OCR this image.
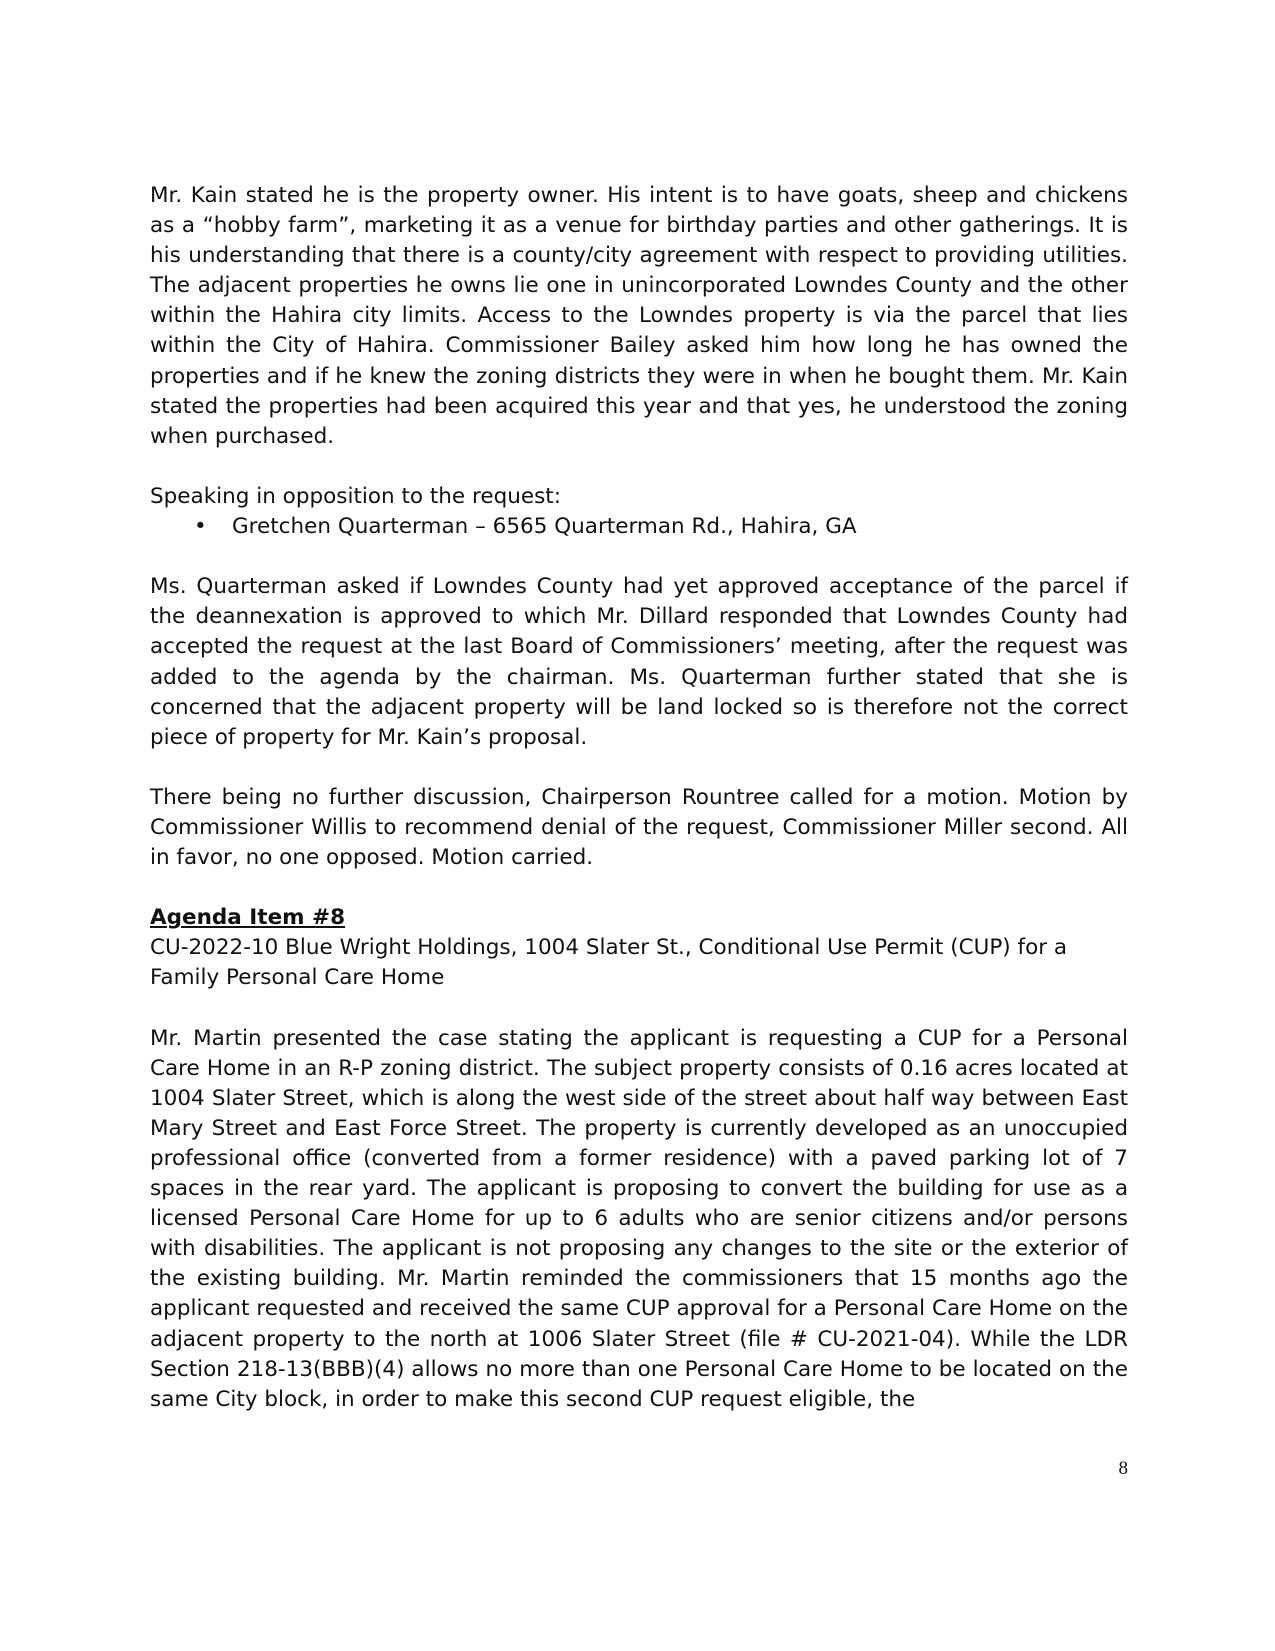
Mr. Kain stated he is the property owner. His intent is to have goats, sheep and chickens as a “hobby farm”, marketing it as a venue for birthday parties and other gatherings. It is his understanding that there is a county/city agreement with respect to providing utilities. The adjacent properties he owns lie one in unincorporated Lowndes County and the other within the Hahira city limits. Access to the Lowndes property is via the parcel that lies within the City of Hahira. Commissioner Bailey asked him how long he has owned the properties and if he knew the zoning districts they were in when he bought them. Mr. Kain stated the properties had been acquired this year and that yes, he understood the zoning when purchased.

Speaking in opposition to the request:

• Gretchen Quarterman – 6565 Quarterman Rd., Hahira, GA

Ms. Quarterman asked if Lowndes County had yet approved acceptance of the parcel if the deannexation is approved to which Mr. Dillard responded that Lowndes County had accepted the request at the last Board of Commissioners’ meeting, after the request was added to the agenda by the chairman. Ms. Quarterman further stated that she is concerned that the adjacent property will be land locked so is therefore not the correct piece of property for Mr. Kain’s proposal.

There being no further discussion, Chairperson Rountree called for a motion. Motion by Commissioner Willis to recommend denial of the request, Commissioner Miller second. All in favor, no one opposed. Motion carried.

Agenda Item #8

CU-2022-10 Blue Wright Holdings, 1004 Slater St., Conditional Use Permit (CUP) for a Family Personal Care Home

Mr. Martin presented the case stating the applicant is requesting a CUP for a Personal Care Home in an R-P zoning district. The subject property consists of 0.16 acres located at 1004 Slater Street, which is along the west side of the street about half way between East Mary Street and East Force Street. The property is currently developed as an unoccupied professional office (converted from a former residence) with a paved parking lot of 7 spaces in the rear yard. The applicant is proposing to convert the building for use as a licensed Personal Care Home for up to 6 adults who are senior citizens and/or persons with disabilities. The applicant is not proposing any changes to the site or the exterior of the existing building. Mr. Martin reminded the commissioners that 15 months ago the applicant requested and received the same CUP approval for a Personal Care Home on the adjacent property to the north at 1006 Slater Street (file # CU-2021-04). While the LDR Section 218-13(BBB)(4) allows no more than one Personal Care Home to be located on the same City block, in order to make this second CUP request eligible, the

8
